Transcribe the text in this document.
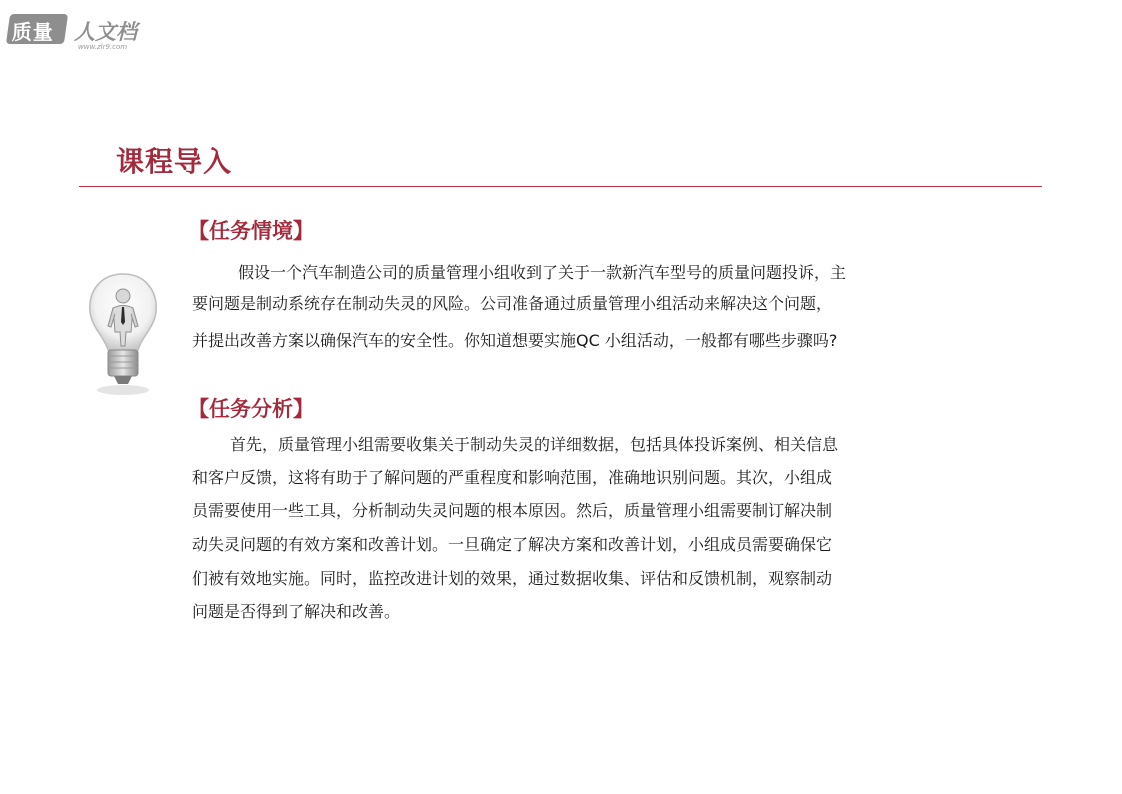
质量 人文档
www.zlr9.com
课程导入
【任务情境】
假设一个汽车制造公司的质量管理小组收到了关于一款新汽车型号的质量问题投诉，主
要问题是制动系统存在制动失灵的风险。公司准备通过质量管理小组活动来解决这个问题，
并提出改善方案以确保汽车的安全性。你知道想要实施QC 小组活动，一般都有哪些步骤吗?
【任务分析】
首先，质量管理小组需要收集关于制动失灵的详细数据，包括具体投诉案例、相关信息
和客户反馈，这将有助于了解问题的严重程度和影响范围，准确地识别问题。其次，小组成
员需要使用一些工具，分析制动失灵问题的根本原因。然后，质量管理小组需要制订解决制
动失灵问题的有效方案和改善计划。一旦确定了解决方案和改善计划，小组成员需要确保它
们被有效地实施。同时，监控改进计划的效果，通过数据收集、评估和反馈机制，观察制动
问题是否得到了解决和改善。
